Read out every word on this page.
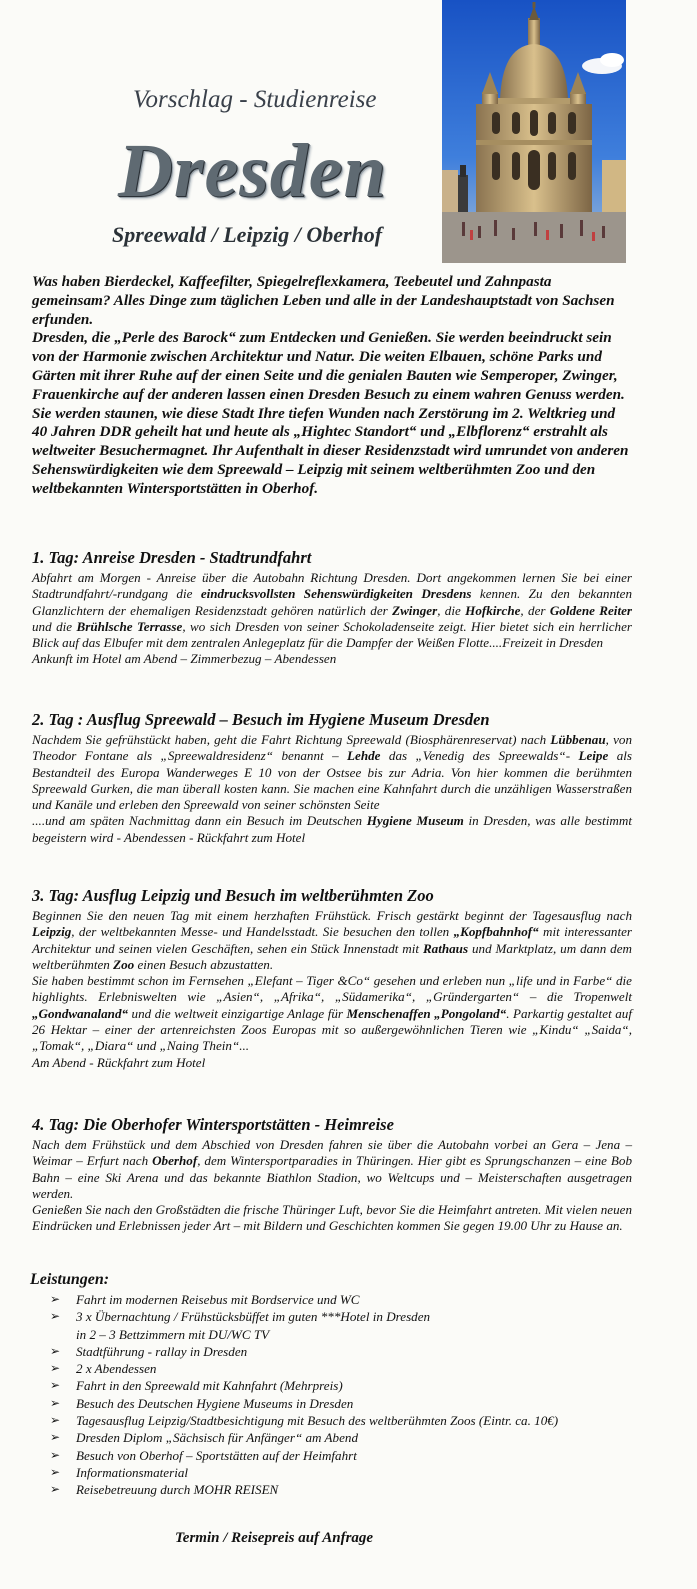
Vorschlag - Studienreise
Dresden
Spreewald / Leipzig / Oberhof

Was haben Bierdeckel, Kaffeefilter, Spiegelreflexkamera, Teebeutel und Zahnpasta gemeinsam? Alles Dinge zum täglichen Leben und alle in der Landeshauptstadt von Sachsen erfunden.

Dresden, die „Perle des Barock“ zum Entdecken und Genießen. Sie werden beeindruckt sein von der Harmonie zwischen Architektur und Natur. Die weiten Elbauen, schöne Parks und Gärten mit ihrer Ruhe auf der einen Seite und die genialen Bauten wie Semperoper, Zwinger, Frauenkirche auf der anderen lassen einen Dresden Besuch zu einem wahren Genuss werden. Sie werden staunen, wie diese Stadt Ihre tiefen Wunden nach Zerstörung im 2. Weltkrieg und 40 Jahren DDR geheilt hat und heute als „Hightec Standort“ und „Elbflorenz“ erstrahlt als weltweiter Besuchermagnet. Ihr Aufenthalt in dieser Residenzstadt wird umrundet von anderen Sehenswürdigkeiten wie dem Spreewald – Leipzig mit seinem weltberühmten Zoo und den weltbekannten Wintersportstätten in Oberhof.

1. Tag: Anreise Dresden - Stadtrundfahrt

Abfahrt am Morgen - Anreise über die Autobahn Richtung Dresden. Dort angekommen lernen Sie bei einer Stadtrundfahrt/-rundgang die eindrucksvollsten Sehenswürdigkeiten Dresdens kennen. Zu den bekannten Glanzlichtern der ehemaligen Residenzstadt gehören natürlich der Zwinger, die Hofkirche, der Goldene Reiter und die Brühlsche Terrasse, wo sich Dresden von seiner Schokoladenseite zeigt. Hier bietet sich ein herrlicher Blick auf das Elbufer mit dem zentralen Anlegeplatz für die Dampfer der Weißen Flotte....Freizeit in Dresden

Ankunft im Hotel am Abend – Zimmerbezug – Abendessen

2. Tag : Ausflug Spreewald – Besuch im Hygiene Museum Dresden

Nachdem Sie gefrühstückt haben, geht die Fahrt Richtung Spreewald (Biosphärenreservat) nach Lübbenau, von Theodor Fontane als „Spreewaldresidenz“ benannt – Lehde das „Venedig des Spreewalds“- Leipe als Bestandteil des Europa Wanderweges E 10 von der Ostsee bis zur Adria. Von hier kommen die berühmten Spreewald Gurken, die man überall kosten kann. Sie machen eine Kahnfahrt durch die unzähligen Wasserstraßen und Kanäle und erleben den Spreewald von seiner schönsten Seite

....und am späten Nachmittag dann ein Besuch im Deutschen Hygiene Museum in Dresden, was alle bestimmt begeistern wird - Abendessen - Rückfahrt zum Hotel

3. Tag: Ausflug Leipzig und Besuch im weltberühmten Zoo

Beginnen Sie den neuen Tag mit einem herzhaften Frühstück. Frisch gestärkt beginnt der Tagesausflug nach Leipzig, der weltbekannten Messe- und Handelsstadt. Sie besuchen den tollen „Kopfbahnhof“ mit interessanter Architektur und seinen vielen Geschäften, sehen ein Stück Innenstadt mit Rathaus und Marktplatz, um dann dem weltberühmten Zoo einen Besuch abzustatten.

Sie haben bestimmt schon im Fernsehen „Elefant – Tiger &Co“ gesehen und erleben nun „life und in Farbe“ die highlights. Erlebniswelten wie „Asien“, „Afrika“, „Südamerika“, „Gründergarten“ – die Tropenwelt „Gondwanaland“ und die weltweit einzigartige Anlage für Menschenaffen „Pongoland“. Parkartig gestaltet auf 26 Hektar – einer der artenreichsten Zoos Europas mit so außergewöhnlichen Tieren wie „Kindu“ „Saida“, „Tomak“, „Diara“ und „Naing Thein“...

Am Abend - Rückfahrt zum Hotel

4. Tag: Die Oberhofer Wintersportstätten - Heimreise

Nach dem Frühstück und dem Abschied von Dresden fahren sie über die Autobahn vorbei an Gera – Jena – Weimar – Erfurt nach Oberhof, dem Wintersportparadies in Thüringen. Hier gibt es Sprungschanzen – eine Bob Bahn – eine Ski Arena und das bekannte Biathlon Stadion, wo Weltcups und – Meisterschaften ausgetragen werden.

Genießen Sie nach den Großstädten die frische Thüringer Luft, bevor Sie die Heimfahrt antreten. Mit vielen neuen Eindrücken und Erlebnissen jeder Art – mit Bildern und Geschichten kommen Sie gegen 19.00 Uhr zu Hause an.

Leistungen:
➢	Fahrt im modernen Reisebus mit Bordservice und WC
➢	3 x Übernachtung / Frühstücksbüffet im guten ***Hotel in Dresden
in 2 – 3 Bettzimmern mit DU/WC TV
➢	Stadtführung - rallay in Dresden
➢	2 x Abendessen
➢	Fahrt in den Spreewald mit Kahnfahrt (Mehrpreis)
➢	Besuch des Deutschen Hygiene Museums in Dresden
➢	Tagesausflug Leipzig/Stadtbesichtigung mit Besuch des weltberühmten Zoos (Eintr. ca. 10€)
➢	Dresden Diplom „Sächsisch für Anfänger“ am Abend
➢	Besuch von Oberhof – Sportstätten auf der Heimfahrt
➢	Informationsmaterial
➢	Reisebetreuung durch MOHR REISEN
Termin / Reisepreis auf Anfrage
